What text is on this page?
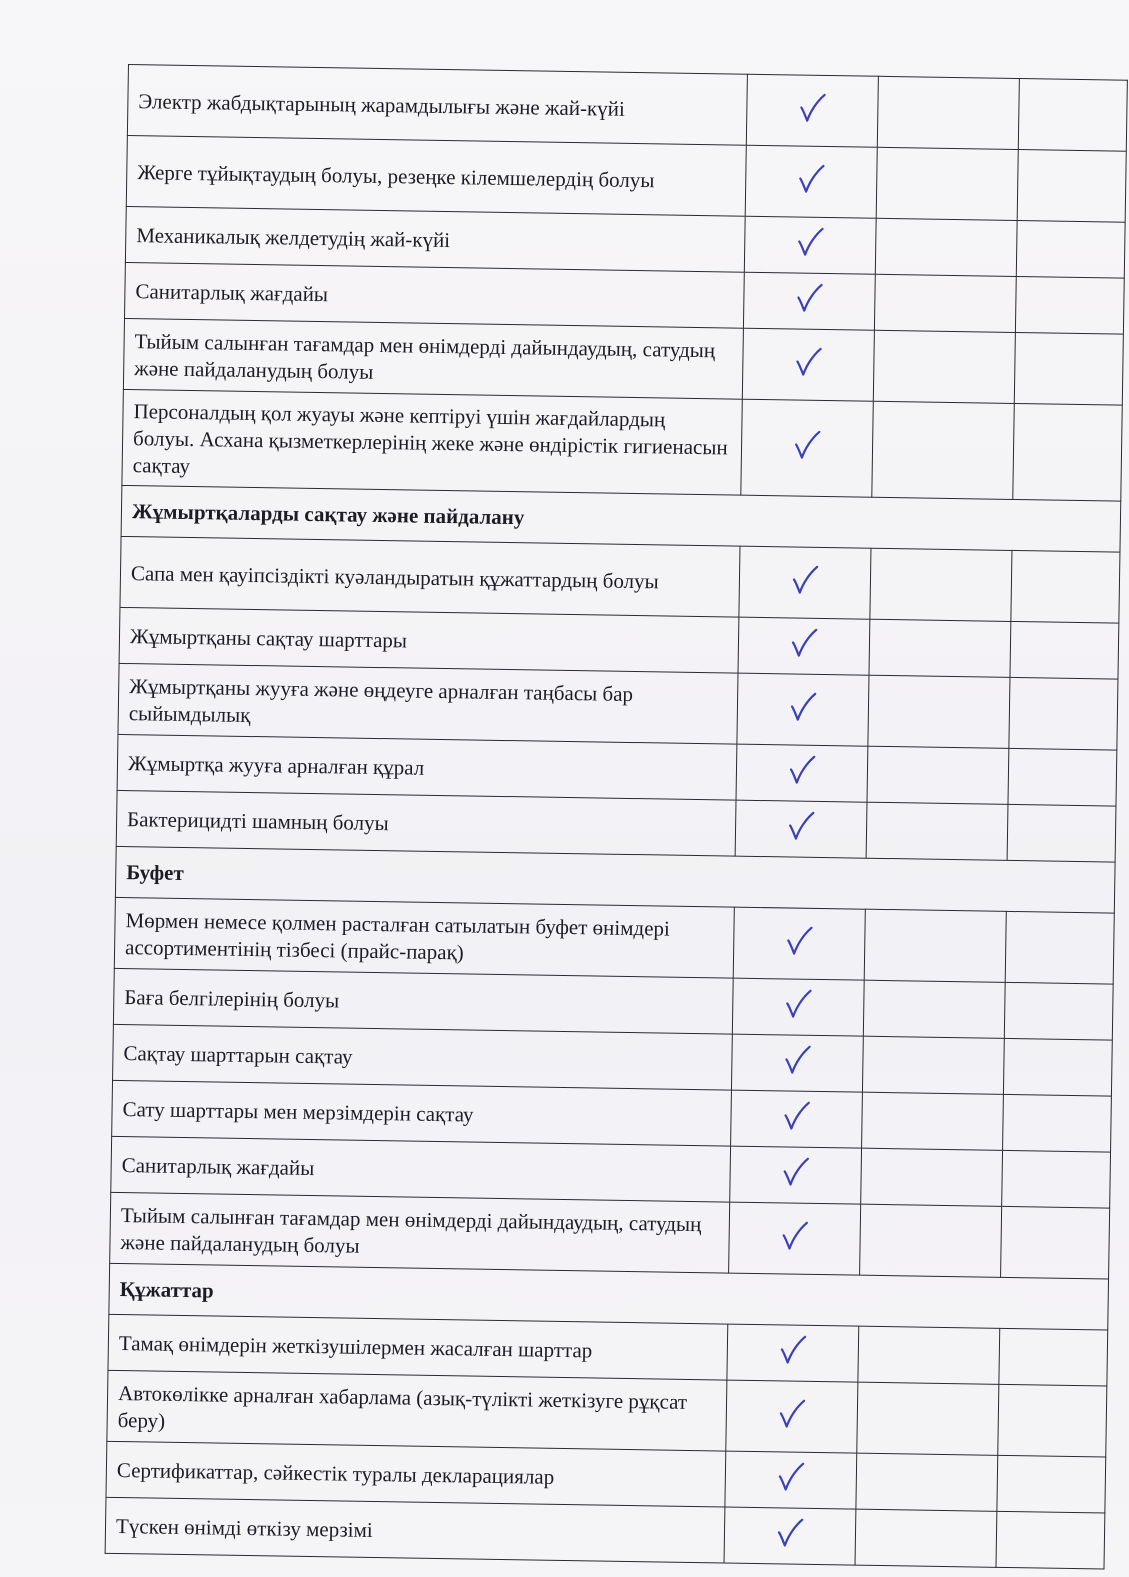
Электр жабдықтарының жарамдылығы және жай-күйі			
Жерге тұйықтаудың болуы, резеңке кілемшелердің болуы			
Механикалық желдетудің жай-күйі			
Санитарлық жағдайы			
Тыйым салынған тағамдар мен өнімдерді дайындаудың, сатудың және пайдаланудың болуы			
Персоналдың қол жуауы және кептіруі үшін жағдайлардың болуы. Асхана қызметкерлерінің жеке және өндірістік гигиенасын сақтау			
Жұмыртқаларды сақтау және пайдалану			
Сапа мен қауіпсіздікті куәландыратын құжаттардың болуы			
Жұмыртқаны сақтау шарттары			
Жұмыртқаны жууға және өңдеуге арналған таңбасы бар сыйымдылық			
Жұмыртқа жууға арналған құрал			
Бактерицидті шамның болуы			
Буфет			
Мөрмен немесе қолмен расталған сатылатын буфет өнімдері ассортиментінің тізбесі (прайс-парақ)			
Баға белгілерінің болуы			
Сақтау шарттарын сақтау			
Сату шарттары мен мерзімдерін сақтау			
Санитарлық жағдайы			
Тыйым салынған тағамдар мен өнімдерді дайындаудың, сатудың және пайдаланудың болуы			
Құжаттар			
Тамақ өнімдерін жеткізушілермен жасалған шарттар			
Автокөлікке арналған хабарлама (азық-түлікті жеткізуге рұқсат беру)			
Сертификаттар, сәйкестік туралы декларациялар			
Түскен өнімді өткізу мерзімі			
